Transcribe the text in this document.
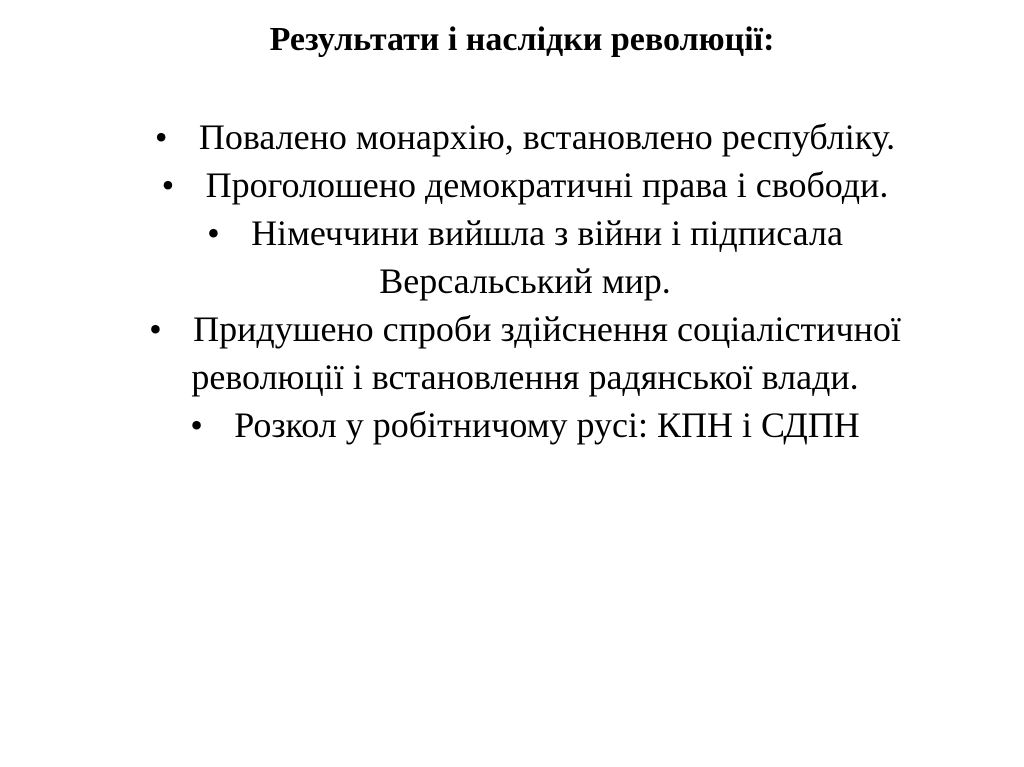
Результати і наслідки революції:
• Повалено монархію, встановлено республіку.
• Проголошено демократичні права і свободи.
• Німеччини вийшла з війни і підписала
Версальський мир.
• Придушено спроби здійснення соціалістичної
революції і встановлення радянської влади.
• Розкол у робітничому русі: КПН і СДПН
